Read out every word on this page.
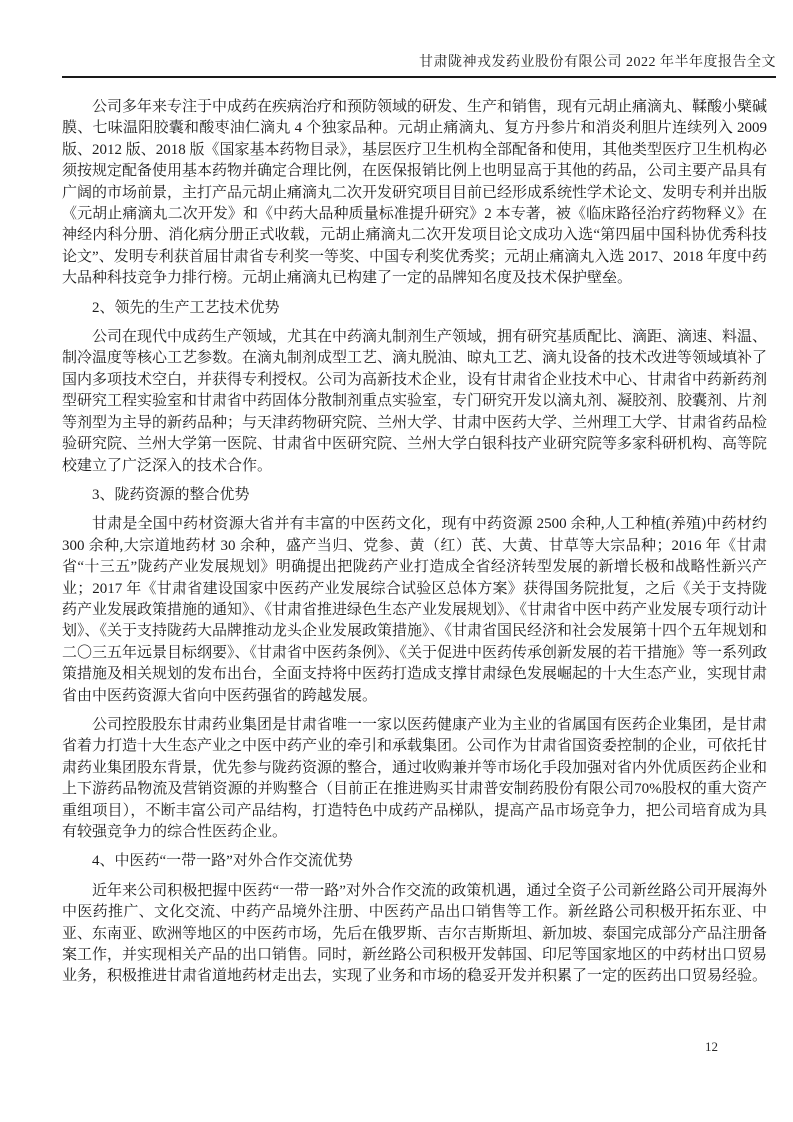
甘肃陇神戎发药业股份有限公司 2022 年半年度报告全文
公司多年来专注于中成药在疾病治疗和预防领域的研发、生产和销售，现有元胡止痛滴丸、鞣酸小檗碱膜、七味温阳胶囊和酸枣油仁滴丸 4 个独家品种。元胡止痛滴丸、复方丹参片和消炎利胆片连续列入 2009 版、2012 版、2018 版《国家基本药物目录》，基层医疗卫生机构全部配备和使用，其他类型医疗卫生机构必须按规定配备使用基本药物并确定合理比例，在医保报销比例上也明显高于其他的药品，公司主要产品具有广阔的市场前景，主打产品元胡止痛滴丸二次开发研究项目目前已经形成系统性学术论文、发明专利并出版《元胡止痛滴丸二次开发》和《中药大品种质量标准提升研究》2 本专著，被《临床路径治疗药物释义》在神经内科分册、消化病分册正式收载，元胡止痛滴丸二次开发项目论文成功入选“第四届中国科协优秀科技论文”、发明专利获首届甘肃省专利奖一等奖、中国专利奖优秀奖；元胡止痛滴丸入选 2017、2018 年度中药大品种科技竞争力排行榜。元胡止痛滴丸已构建了一定的品牌知名度及技术保护壁垒。
2、领先的生产工艺技术优势
公司在现代中成药生产领域，尤其在中药滴丸制剂生产领域，拥有研究基质配比、滴距、滴速、料温、制冷温度等核心工艺参数。在滴丸制剂成型工艺、滴丸脱油、晾丸工艺、滴丸设备的技术改进等领域填补了国内多项技术空白，并获得专利授权。公司为高新技术企业，设有甘肃省企业技术中心、甘肃省中药新药剂型研究工程实验室和甘肃省中药固体分散制剂重点实验室，专门研究开发以滴丸剂、凝胶剂、胶囊剂、片剂等剂型为主导的新药品种；与天津药物研究院、兰州大学、甘肃中医药大学、兰州理工大学、甘肃省药品检验研究院、兰州大学第一医院、甘肃省中医研究院、兰州大学白银科技产业研究院等多家科研机构、高等院校建立了广泛深入的技术合作。
3、陇药资源的整合优势
甘肃是全国中药材资源大省并有丰富的中医药文化，现有中药资源 2500 余种,人工种植(养殖)中药材约 300 余种,大宗道地药材 30 余种，盛产当归、党参、黄（红）芪、大黄、甘草等大宗品种；2016 年《甘肃省“十三五”陇药产业发展规划》明确提出把陇药产业打造成全省经济转型发展的新增长极和战略性新兴产业；2017 年《甘肃省建设国家中医药产业发展综合试验区总体方案》获得国务院批复，之后《关于支持陇药产业发展政策措施的通知》、《甘肃省推进绿色生态产业发展规划》、《甘肃省中医中药产业发展专项行动计划》、《关于支持陇药大品牌推动龙头企业发展政策措施》、《甘肃省国民经济和社会发展第十四个五年规划和二〇三五年远景目标纲要》、《甘肃省中医药条例》、《关于促进中医药传承创新发展的若干措施》等一系列政策措施及相关规划的发布出台，全面支持将中医药打造成支撑甘肃绿色发展崛起的十大生态产业，实现甘肃省由中医药资源大省向中医药强省的跨越发展。
公司控股股东甘肃药业集团是甘肃省唯一一家以医药健康产业为主业的省属国有医药企业集团，是甘肃省着力打造十大生态产业之中医中药产业的牵引和承载集团。公司作为甘肃省国资委控制的企业，可依托甘肃药业集团股东背景，优先参与陇药资源的整合，通过收购兼并等市场化手段加强对省内外优质医药企业和上下游药品物流及营销资源的并购整合（目前正在推进购买甘肃普安制药股份有限公司70%股权的重大资产重组项目），不断丰富公司产品结构，打造特色中成药产品梯队，提高产品市场竞争力，把公司培育成为具有较强竞争力的综合性医药企业。
4、中医药“一带一路”对外合作交流优势
近年来公司积极把握中医药“一带一路”对外合作交流的政策机遇，通过全资子公司新丝路公司开展海外中医药推广、文化交流、中药产品境外注册、中医药产品出口销售等工作。新丝路公司积极开拓东亚、中亚、东南亚、欧洲等地区的中医药市场，先后在俄罗斯、吉尔吉斯斯坦、新加坡、泰国完成部分产品注册备案工作，并实现相关产品的出口销售。同时，新丝路公司积极开发韩国、印尼等国家地区的中药材出口贸易业务，积极推进甘肃省道地药材走出去，实现了业务和市场的稳妥开发并积累了一定的医药出口贸易经验。
12
